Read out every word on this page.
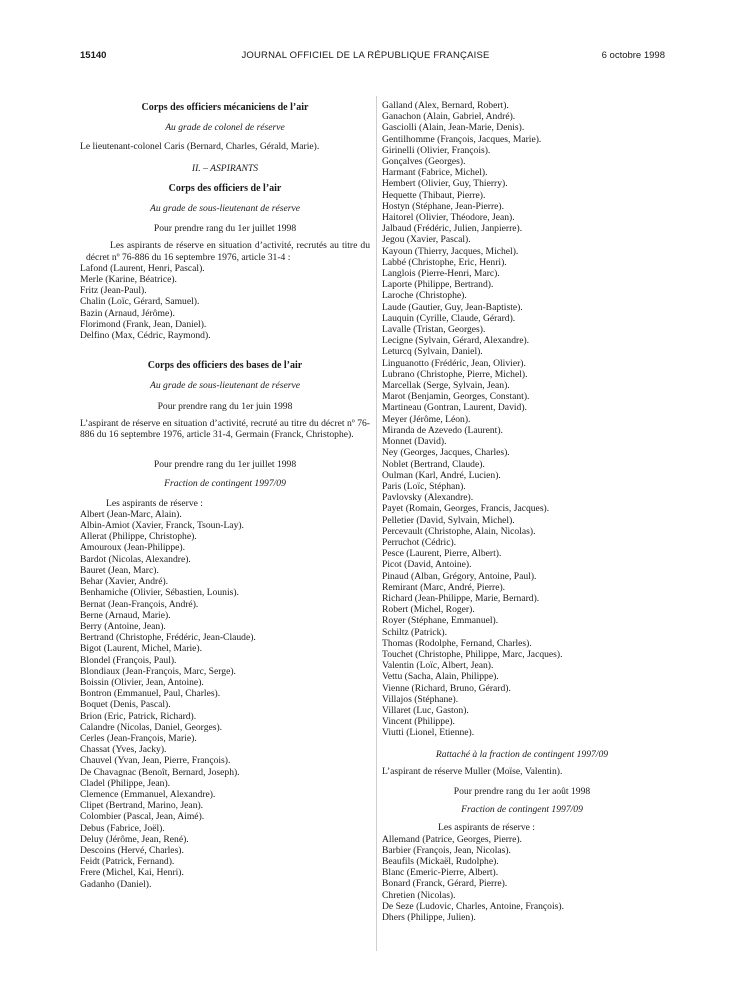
15140	JOURNAL OFFICIEL DE LA RÉPUBLIQUE FRANÇAISE	6 octobre 1998
Corps des officiers mécaniciens de l’air
Au grade de colonel de réserve
Le lieutenant-colonel Caris (Bernard, Charles, Gérald, Marie).
II. – ASPIRANTS
Corps des officiers de l’air
Au grade de sous-lieutenant de réserve
Pour prendre rang du 1er juillet 1998
Les aspirants de réserve en situation d’activité, recrutés au titre du décret nº 76-886 du 16 septembre 1976, article 31-4 :
Lafond (Laurent, Henri, Pascal).
Merle (Karine, Béatrice).
Fritz (Jean-Paul).
Chalin (Loïc, Gérard, Samuel).
Bazin (Arnaud, Jérôme).
Florimond (Frank, Jean, Daniel).
Delfino (Max, Cédric, Raymond).
Corps des officiers des bases de l’air
Au grade de sous-lieutenant de réserve
Pour prendre rang du 1er juin 1998
L’aspirant de réserve en situation d’activité, recruté au titre du décret nº 76-886 du 16 septembre 1976, article 31-4, Germain (Franck, Christophe).
Pour prendre rang du 1er juillet 1998
Fraction de contingent 1997/09
Les aspirants de réserve :
Albert (Jean-Marc, Alain).
Albin-Amiot (Xavier, Franck, Tsoun-Lay).
Allerat (Philippe, Christophe).
Amouroux (Jean-Philippe).
Bardot (Nicolas, Alexandre).
Bauret (Jean, Marc).
Behar (Xavier, André).
Benhamiche (Olivier, Sébastien, Lounis).
Bernat (Jean-François, André).
Berne (Arnaud, Marie).
Berry (Antoine, Jean).
Bertrand (Christophe, Frédéric, Jean-Claude).
Bigot (Laurent, Michel, Marie).
Blondel (François, Paul).
Blondiaux (Jean-François, Marc, Serge).
Boissin (Olivier, Jean, Antoine).
Bontron (Emmanuel, Paul, Charles).
Boquet (Denis, Pascal).
Brion (Eric, Patrick, Richard).
Calandre (Nicolas, Daniel, Georges).
Cerles (Jean-François, Marie).
Chassat (Yves, Jacky).
Chauvel (Yvan, Jean, Pierre, François).
De Chavagnac (Benoît, Bernard, Joseph).
Cladel (Philippe, Jean).
Clemence (Emmanuel, Alexandre).
Clipet (Bertrand, Marino, Jean).
Colombier (Pascal, Jean, Aimé).
Debus (Fabrice, Joël).
Deluy (Jérôme, Jean, René).
Descoins (Hervé, Charles).
Feidt (Patrick, Fernand).
Frere (Michel, Kai, Henri).
Gadanho (Daniel).
Galland (Alex, Bernard, Robert).
Ganachon (Alain, Gabriel, André).
Gasciolli (Alain, Jean-Marie, Denis).
Gentilhomme (François, Jacques, Marie).
Girinelli (Olivier, François).
Gonçalves (Georges).
Harmant (Fabrice, Michel).
Hembert (Olivier, Guy, Thierry).
Hequette (Thibaut, Pierre).
Hostyn (Stéphane, Jean-Pierre).
Haitorel (Olivier, Théodore, Jean).
Jalbaud (Frédéric, Julien, Janpierre).
Jegou (Xavier, Pascal).
Kayoun (Thierry, Jacques, Michel).
Labbé (Christophe, Eric, Henri).
Langlois (Pierre-Henri, Marc).
Laporte (Philippe, Bertrand).
Laroche (Christophe).
Laude (Gautier, Guy, Jean-Baptiste).
Lauquin (Cyrille, Claude, Gérard).
Lavalle (Tristan, Georges).
Lecigne (Sylvain, Gérard, Alexandre).
Leturcq (Sylvain, Daniel).
Linguanotto (Frédéric, Jean, Olivier).
Lubrano (Christophe, Pierre, Michel).
Marcellak (Serge, Sylvain, Jean).
Marot (Benjamin, Georges, Constant).
Martineau (Gontran, Laurent, David).
Meyer (Jérôme, Léon).
Miranda de Azevedo (Laurent).
Monnet (David).
Ney (Georges, Jacques, Charles).
Noblet (Bertrand, Claude).
Oulman (Karl, André, Lucien).
Paris (Loïc, Stéphan).
Pavlovsky (Alexandre).
Payet (Romain, Georges, Francis, Jacques).
Pelletier (David, Sylvain, Michel).
Percevault (Christophe, Alain, Nicolas).
Perruchot (Cédric).
Pesce (Laurent, Pierre, Albert).
Picot (David, Antoine).
Pinaud (Alban, Grégory, Antoine, Paul).
Remirant (Marc, André, Pierre).
Richard (Jean-Philippe, Marie, Bernard).
Robert (Michel, Roger).
Royer (Stéphane, Emmanuel).
Schiltz (Patrick).
Thomas (Rodolphe, Fernand, Charles).
Touchet (Christophe, Philippe, Marc, Jacques).
Valentin (Loïc, Albert, Jean).
Vettu (Sacha, Alain, Philippe).
Vienne (Richard, Bruno, Gérard).
Villajos (Stéphane).
Villaret (Luc, Gaston).
Vincent (Philippe).
Viutti (Lionel, Etienne).
Rattaché à la fraction de contingent 1997/09
L’aspirant de réserve Muller (Moïse, Valentin).
Pour prendre rang du 1er août 1998
Fraction de contingent 1997/09
Les aspirants de réserve :
Allemand (Patrice, Georges, Pierre).
Barbier (François, Jean, Nicolas).
Beaufils (Mickaël, Rudolphe).
Blanc (Emeric-Pierre, Albert).
Bonard (Franck, Gérard, Pierre).
Chretien (Nicolas).
De Seze (Ludovic, Charles, Antoine, François).
Dhers (Philippe, Julien).
